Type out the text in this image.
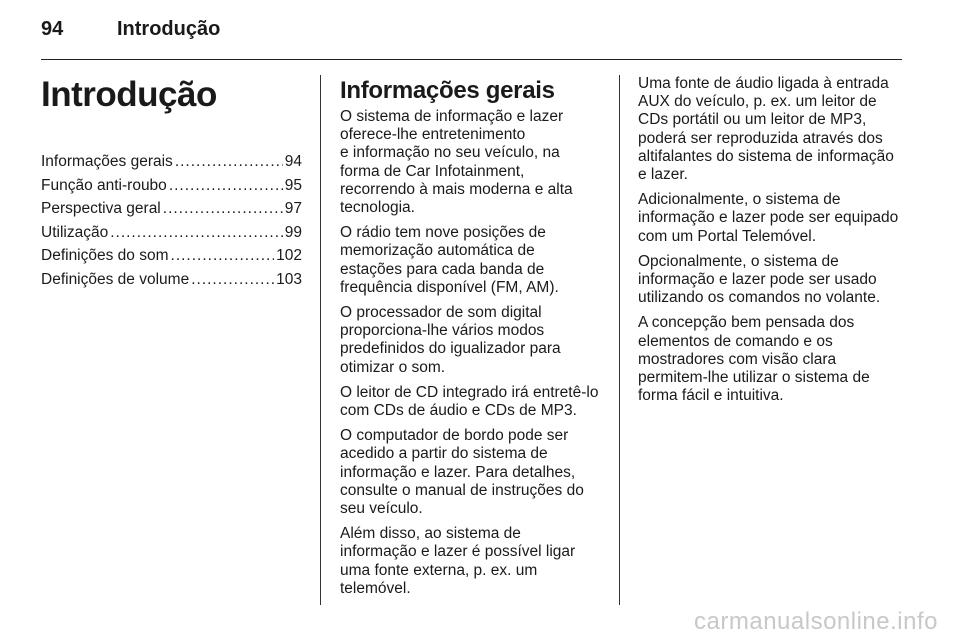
94	Introdução
Introdução
Informações gerais .....	94
Função anti-roubo .....	95
Perspectiva geral .....	97
Utilização .....	99
Definições do som .....	102
Definições de volume .....	103
Informações gerais

O sistema de informação e lazer
oferece-lhe entretenimento
e informação no seu veículo, na
forma de Car Infotainment,
recorrendo à mais moderna e alta
tecnologia.

O rádio tem nove posições de
memorização automática de
estações para cada banda de
frequência disponível (FM, AM).

O processador de som digital
proporciona-lhe vários modos
predefinidos do igualizador para
otimizar o som.

O leitor de CD integrado irá entretê-lo
com CDs de áudio e CDs de MP3.

O computador de bordo pode ser
acedido a partir do sistema de
informação e lazer. Para detalhes,
consulte o manual de instruções do
seu veículo.

Além disso, ao sistema de
informação e lazer é possível ligar
uma fonte externa, p. ex. um
telemóvel.

Uma fonte de áudio ligada à entrada
AUX do veículo, p. ex. um leitor de
CDs portátil ou um leitor de MP3,
poderá ser reproduzida através dos
altifalantes do sistema de informação
e lazer.

Adicionalmente, o sistema de
informação e lazer pode ser equipado
com um Portal Telemóvel.

Opcionalmente, o sistema de
informação e lazer pode ser usado
utilizando os comandos no volante.

A concepção bem pensada dos
elementos de comando e os
mostradores com visão clara
permitem-lhe utilizar o sistema de
forma fácil e intuitiva.

carmanualsonline.info
